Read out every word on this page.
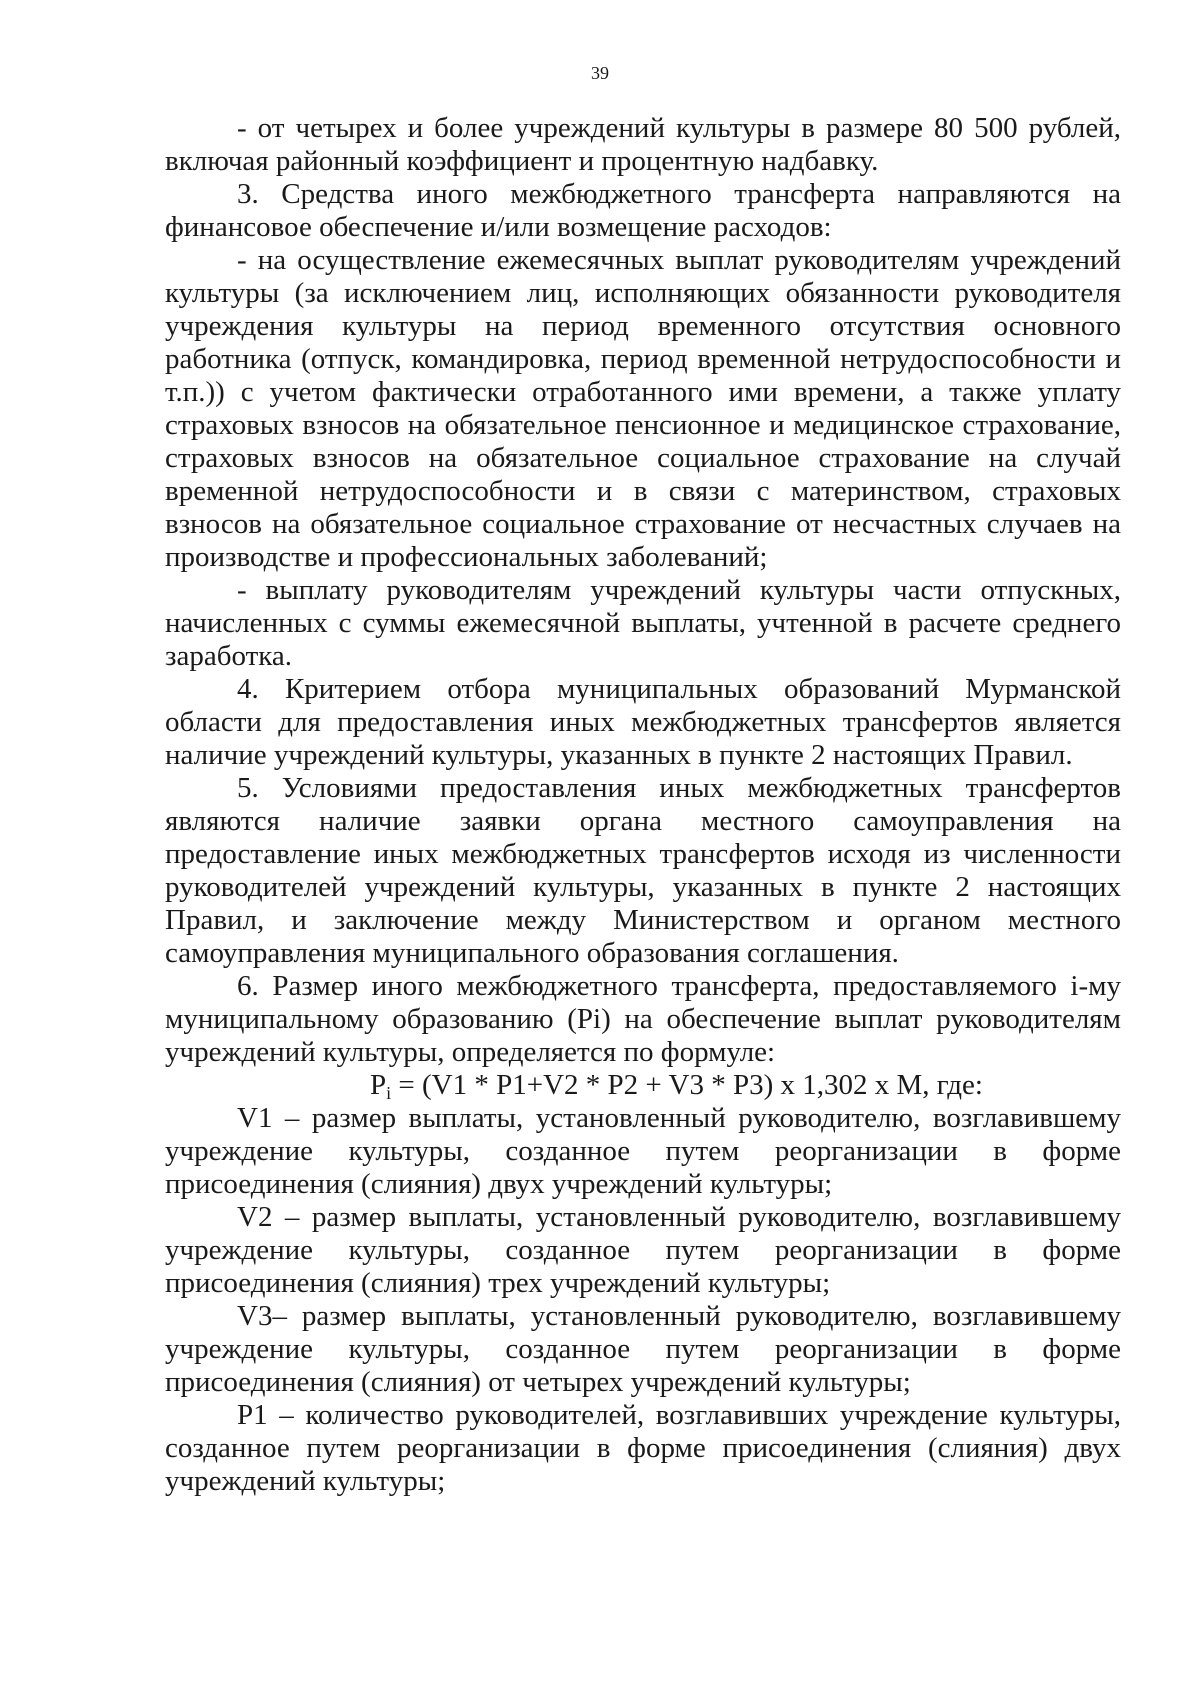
39

- от четырех и более учреждений культуры в размере 80 500 рублей, включая районный коэффициент и процентную надбавку.

3. Средства иного межбюджетного трансферта направляются на финансовое обеспечение и/или возмещение расходов:

- на осуществление ежемесячных выплат руководителям учреждений культуры (за исключением лиц, исполняющих обязанности руководителя учреждения культуры на период временного отсутствия основного работника (отпуск, командировка, период временной нетрудоспособности и т.п.)) с учетом фактически отработанного ими времени, а также уплату страховых взносов на обязательное пенсионное и медицинское страхование, страховых взносов на обязательное социальное страхование на случай временной нетрудоспособности и в связи с материнством, страховых взносов на обязательное социальное страхование от несчастных случаев на производстве и профессиональных заболеваний;

- выплату руководителям учреждений культуры части отпускных, начисленных с суммы ежемесячной выплаты, учтенной в расчете среднего заработка.

4. Критерием отбора муниципальных образований Мурманской области для предоставления иных межбюджетных трансфертов является наличие учреждений культуры, указанных в пункте 2 настоящих Правил.

5. Условиями предоставления иных межбюджетных трансфертов являются наличие заявки органа местного самоуправления на предоставление иных межбюджетных трансфертов исходя из численности руководителей учреждений культуры, указанных в пункте 2 настоящих Правил, и заключение между Министерством и органом местного самоуправления муниципального образования соглашения.

6. Размер иного межбюджетного трансферта, предоставляемого i-му муниципальному образованию (Pi) на обеспечение выплат руководителям учреждений культуры, определяется по формуле:

$P_i = (V1 * P1+V2 * P2 + V3 * P3)$ x 1,302 x M, где:

V1 – размер выплаты, установленный руководителю, возглавившему учреждение культуры, созданное путем реорганизации в форме присоединения (слияния) двух учреждений культуры;

V2 – размер выплаты, установленный руководителю, возглавившему учреждение культуры, созданное путем реорганизации в форме присоединения (слияния) трех учреждений культуры;

V3– размер выплаты, установленный руководителю, возглавившему учреждение культуры, созданное путем реорганизации в форме присоединения (слияния) от четырех учреждений культуры;

P1 – количество руководителей, возглавивших учреждение культуры, созданное путем реорганизации в форме присоединения (слияния) двух учреждений культуры;
